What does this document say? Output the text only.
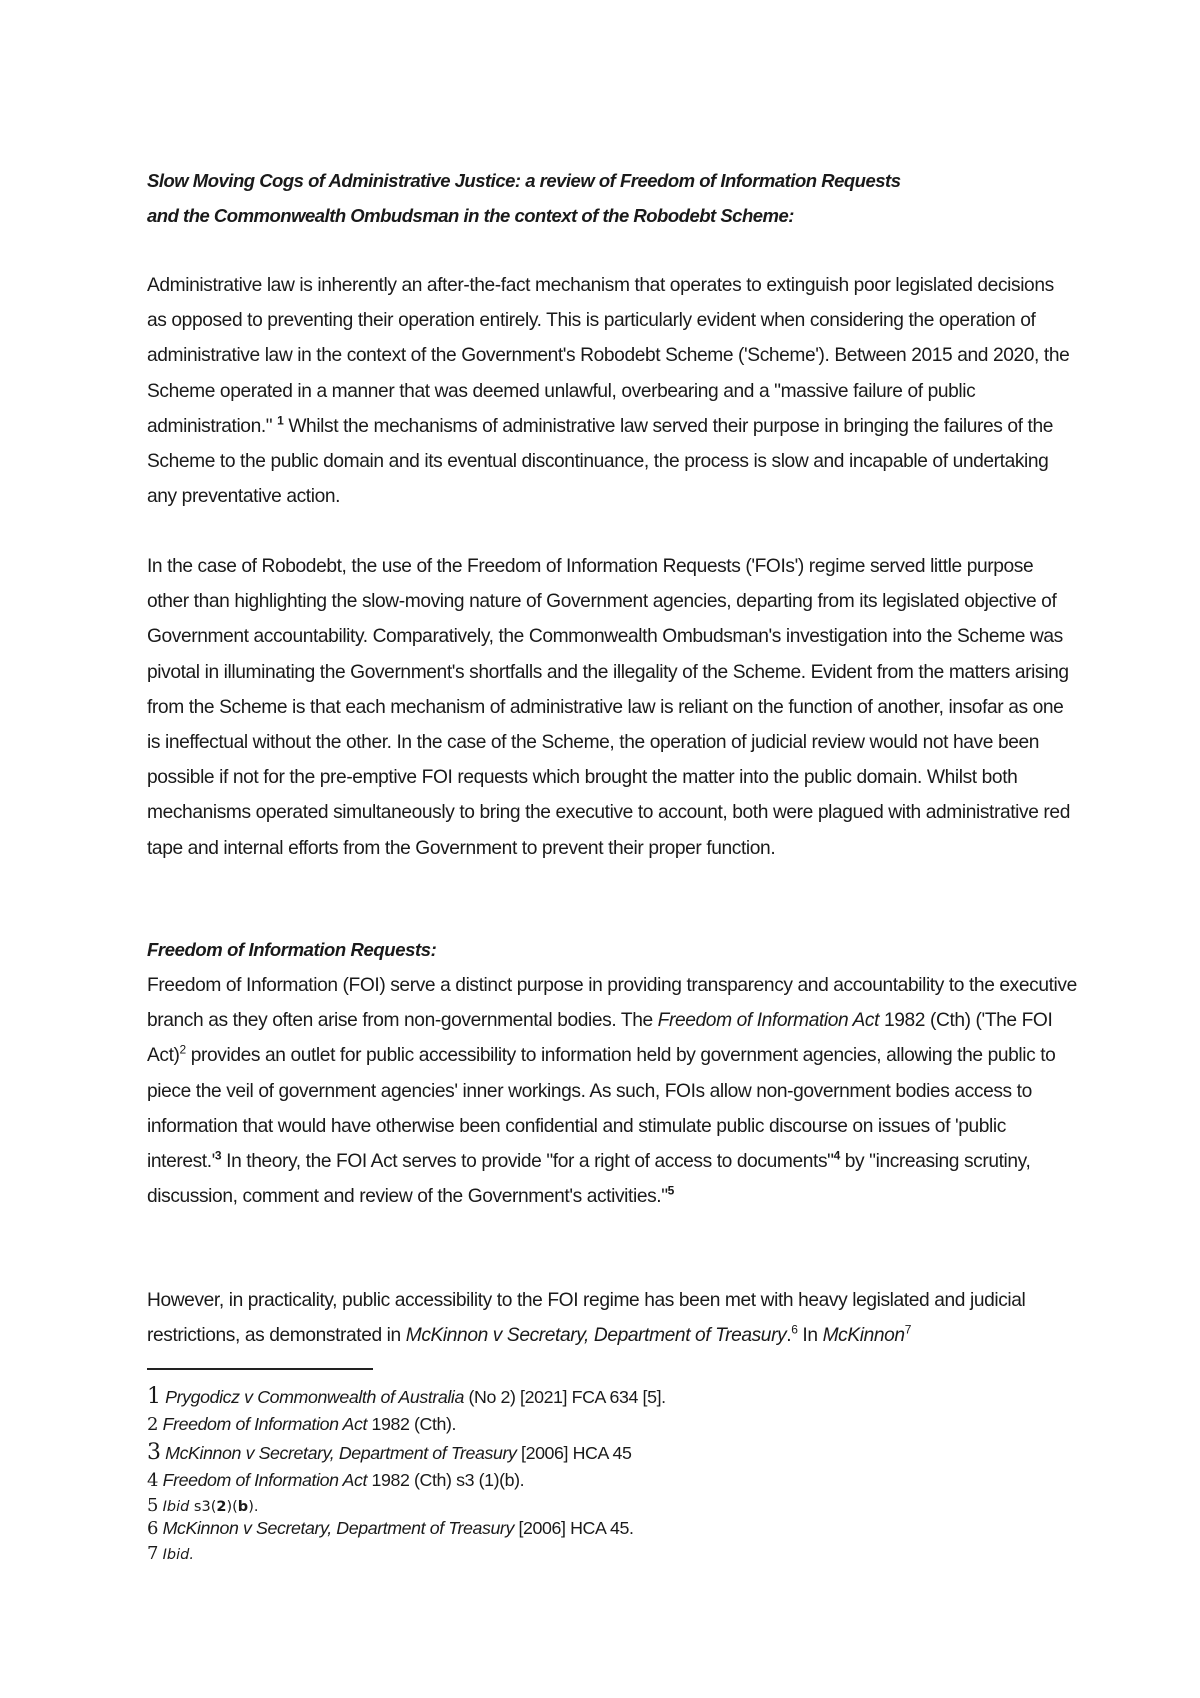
Slow Moving Cogs of Administrative Justice: a review of Freedom of Information Requests
and the Commonwealth Ombudsman in the context of the Robodebt Scheme:
Administrative law is inherently an after-the-fact mechanism that operates to extinguish poor legislated decisions as opposed to preventing their operation entirely. This is particularly evident when considering the operation of administrative law in the context of the Government's Robodebt Scheme ('Scheme'). Between 2015 and 2020, the Scheme operated in a manner that was deemed unlawful, overbearing and a "massive failure of public administration." $^1$ Whilst the mechanisms of administrative law served their purpose in bringing the failures of the Scheme to the public domain and its eventual discontinuance, the process is slow and incapable of undertaking any preventative action.
In the case of Robodebt, the use of the Freedom of Information Requests ('FOIs') regime served little purpose other than highlighting the slow-moving nature of Government agencies, departing from its legislated objective of Government accountability. Comparatively, the Commonwealth Ombudsman's investigation into the Scheme was pivotal in illuminating the Government's shortfalls and the illegality of the Scheme. Evident from the matters arising from the Scheme is that each mechanism of administrative law is reliant on the function of another, insofar as one is ineffectual without the other. In the case of the Scheme, the operation of judicial review would not have been possible if not for the pre-emptive FOI requests which brought the matter into the public domain. Whilst both mechanisms operated simultaneously to bring the executive to account, both were plagued with administrative red tape and internal efforts from the Government to prevent their proper function.
Freedom of Information Requests:
Freedom of Information (FOI) serve a distinct purpose in providing transparency and accountability to the executive branch as they often arise from non-governmental bodies. The Freedom of Information Act 1982 (Cth) ('The FOI Act)$^2$ provides an outlet for public accessibility to information held by government agencies, allowing the public to piece the veil of government agencies' inner workings. As such, FOIs allow non-government bodies access to information that would have otherwise been confidential and stimulate public discourse on issues of 'public interest.'$^3$ In theory, the FOI Act serves to provide "for a right of access to documents"$^4$ by "increasing scrutiny, discussion, comment and review of the Government's activities."$^5$
However, in practicality, public accessibility to the FOI regime has been met with heavy legislated and judicial restrictions, as demonstrated in McKinnon v Secretary, Department of Treasury.$^6$ In McKinnon$^7$
1 Prygodicz v Commonwealth of Australia (No 2) [2021] FCA 634 [5].
2 Freedom of Information Act 1982 (Cth).
3 McKinnon v Secretary, Department of Treasury [2006] HCA 45
4 Freedom of Information Act 1982 (Cth) s3 (1)(b).
5 Ibid s3(2)(b).
6 McKinnon v Secretary, Department of Treasury [2006] HCA 45.
7 Ibid.
